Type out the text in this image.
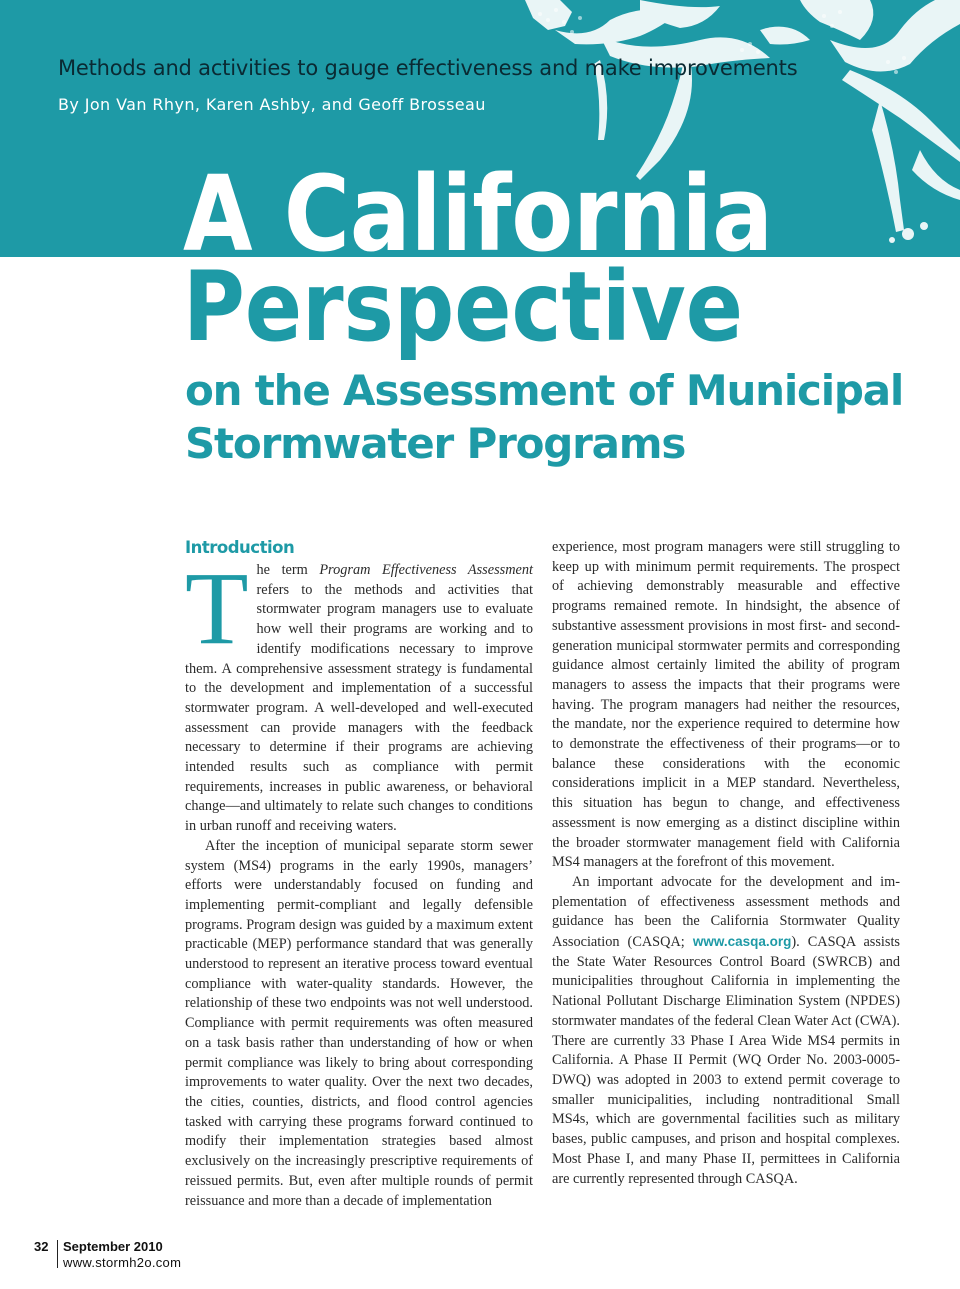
Methods and activities to gauge effectiveness and make improvements

By Jon Van Rhyn, Karen Ashby, and Geoff Brosseau

A California
Perspective
on the Assessment of Municipal
Stormwater Programs
Introduction

The term Program Effectiveness Assessment refers to the methods and activities that stormwater program managers use to evaluate how well their programs are working and to identify modifications necessary to improve them. A comprehensive assessment strategy is fundamental to the development and implementation of a successful stormwater program. A well-developed and well-executed assessment can provide managers with the feedback necessary to determine if their programs are achieving intended results such as compliance with permit requirements, increases in public awareness, or behavioral change—and ultimately to relate such changes to conditions in urban runoff and receiving waters.

After the inception of municipal separate storm sewer system (MS4) programs in the early 1990s, managers’ efforts were understandably focused on funding and implementing permit-compliant and legally defensible programs. Program design was guided by a maximum extent practicable (MEP) performance standard that was generally understood to represent an iterative process toward eventual compliance with water-quality standards. However, the relationship of these two endpoints was not well understood. Compliance with permit requirements was often measured on a task basis rather than understanding of how or when permit compliance was likely to bring about corresponding improvements to water quality. Over the next two decades, the cities, counties, districts, and flood control agencies tasked with carrying these programs forward continued to modify their implementation strategies based almost exclusively on the increasingly prescriptive requirements of reissued permits. But, even after multiple rounds of permit reissuance and more than a decade of implementation

experience, most program managers were still struggling to keep up with minimum permit requirements. The prospect of achieving demonstrably measurable and effective programs remained remote. In hindsight, the absence of substantive assessment provisions in most first- and second-generation municipal stormwater permits and corresponding guidance almost certainly limited the ability of program managers to assess the impacts that their programs were having. The program managers had neither the resources, the mandate, nor the experience required to determine how to demonstrate the effectiveness of their programs—or to balance these considerations with the economic considerations implicit in a MEP standard. Nevertheless, this situation has begun to change, and effectiveness assessment is now emerging as a distinct discipline within the broader stormwater management field with California MS4 managers at the forefront of this movement.

An important advocate for the development and implementation of effectiveness assessment methods and guidance has been the California Stormwater Quality Association (CASQA; www.casqa.org). CASQA assists the State Water Resources Control Board (SWRCB) and municipalities throughout California in implementing the National Pollutant Discharge Elimination System (NPDES) stormwater mandates of the federal Clean Water Act (CWA). There are currently 33 Phase I Area Wide MS4 permits in California. A Phase II Permit (WQ Order No. 2003-0005-DWQ) was adopted in 2003 to extend permit coverage to smaller municipalities, including nontraditional Small MS4s, which are governmental facilities such as military bases, public campuses, and prison and hospital complexes. Most Phase I, and many Phase II, permittees in California are currently represented through CASQA.

32 September 2010
www.stormh2o.com
